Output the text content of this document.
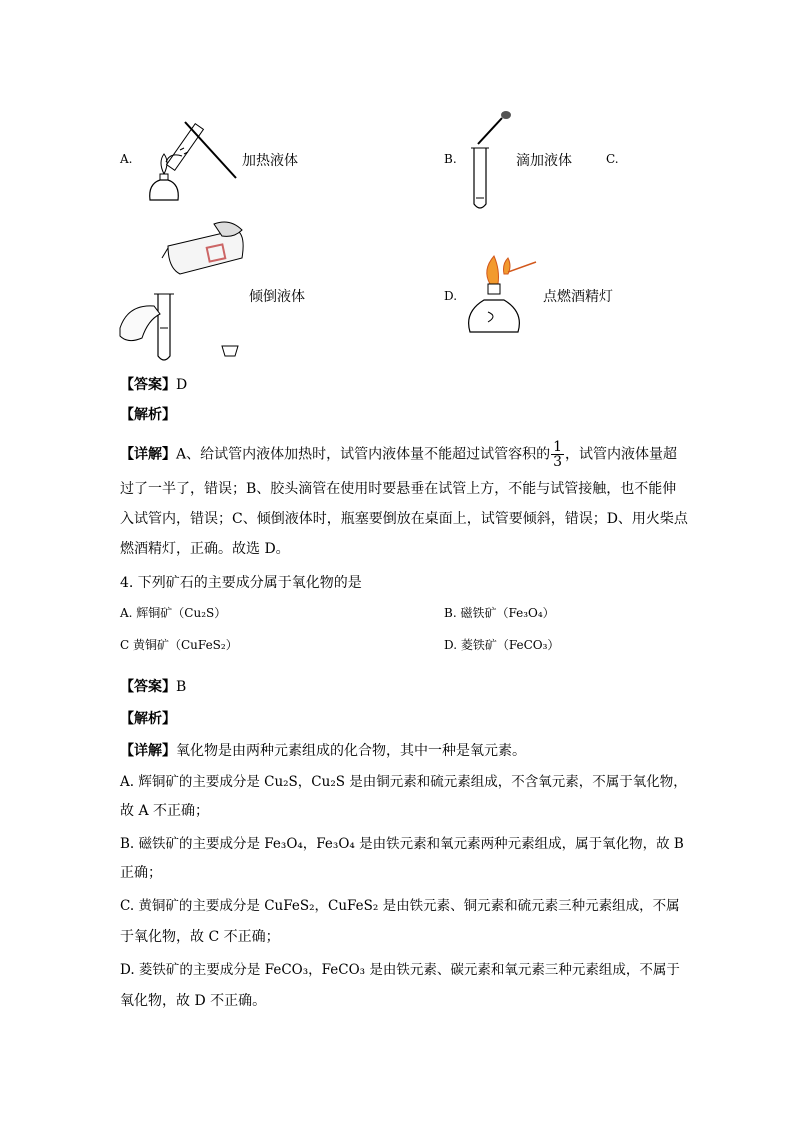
A.	加热液体	B.	滴加液体	C.
倾倒液体	D.	点燃酒精灯
【答案】D
【解析】
【详解】A、给试管内液体加热时，试管内液体量不能超过试管容积的 $\frac{1}{3}$ ，试管内液体量超
过了一半了，错误；B、胶头滴管在使用时要悬垂在试管上方，不能与试管接触，也不能伸
入试管内，错误；C、倾倒液体时，瓶塞要倒放在桌面上，试管要倾斜，错误；D、用火柴点
燃酒精灯，正确。故选 D。
4. 下列矿石的主要成分属于氧化物的是
A. 辉铜矿（Cu₂S）	B. 磁铁矿（Fe₃O₄）
C 黄铜矿（CuFeS₂）	D. 菱铁矿（FeCO₃）
【答案】B
【解析】
【详解】氧化物是由两种元素组成的化合物，其中一种是氧元素。
A. 辉铜矿的主要成分是 Cu₂S，Cu₂S 是由铜元素和硫元素组成，不含氧元素，不属于氧化物，
故 A 不正确；
B. 磁铁矿的主要成分是 Fe₃O₄，Fe₃O₄ 是由铁元素和氧元素两种元素组成，属于氧化物，故 B
正确；
C. 黄铜矿的主要成分是 CuFeS₂，CuFeS₂ 是由铁元素、铜元素和硫元素三种元素组成，不属
于氧化物，故 C 不正确；
D. 菱铁矿的主要成分是 FeCO₃，FeCO₃ 是由铁元素、碳元素和氧元素三种元素组成，不属于
氧化物，故 D 不正确。
